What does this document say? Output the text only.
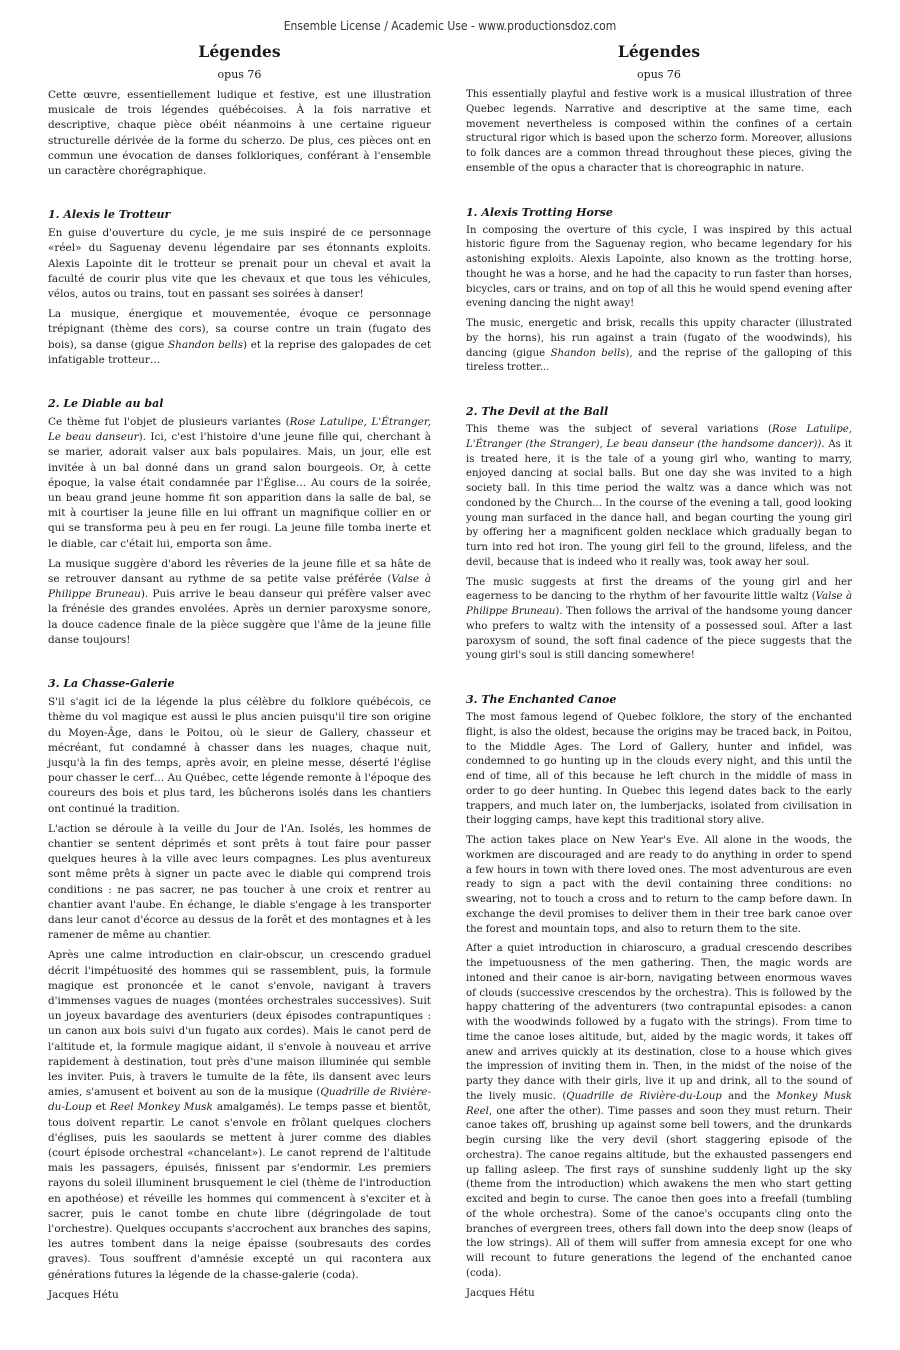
Ensemble License / Academic Use - www.productionsdoz.com
Légendes
opus 76

Cette œuvre, essentiellement ludique et festive, est une illustration musicale de trois légendes québécoises. À la fois narrative et descriptive, chaque pièce obéit néanmoins à une certaine rigueur structurelle dérivée de la forme du scherzo. De plus, ces pièces ont en commun une évocation de danses folkloriques, conférant à l'ensemble un caractère chorégraphique.

1. Alexis le Trotteur

En guise d'ouverture du cycle, je me suis inspiré de ce personnage «réel» du Saguenay devenu légendaire par ses étonnants exploits. Alexis Lapointe dit le trotteur se prenait pour un cheval et avait la faculté de courir plus vite que les chevaux et que tous les véhicules, vélos, autos ou trains, tout en passant ses soirées à danser!

La musique, énergique et mouvementée, évoque ce personnage trépignant (thème des cors), sa course contre un train (fugato des bois), sa danse (gigue Shandon bells) et la reprise des galopades de cet infatigable trotteur…

2. Le Diable au bal

Ce thème fut l'objet de plusieurs variantes (Rose Latulipe, L'Étranger, Le beau danseur). Ici, c'est l'histoire d'une jeune fille qui, cherchant à se marier, adorait valser aux bals populaires. Mais, un jour, elle est invitée à un bal donné dans un grand salon bourgeois. Or, à cette époque, la valse était condamnée par l'Église… Au cours de la soirée, un beau grand jeune homme fit son apparition dans la salle de bal, se mit à courtiser la jeune fille en lui offrant un magnifique collier en or qui se transforma peu à peu en fer rougi. La jeune fille tomba inerte et le diable, car c'était lui, emporta son âme.

La musique suggère d'abord les rêveries de la jeune fille et sa hâte de se retrouver dansant au rythme de sa petite valse préférée (Valse à Philippe Bruneau). Puis arrive le beau danseur qui préfère valser avec la frénésie des grandes envolées. Après un dernier paroxysme sonore, la douce cadence finale de la pièce suggère que l'âme de la jeune fille danse toujours!

3. La Chasse-Galerie

S'il s'agit ici de la légende la plus célèbre du folklore québécois, ce thème du vol magique est aussi le plus ancien puisqu'il tire son origine du Moyen-Âge, dans le Poitou, où le sieur de Gallery, chasseur et mécréant, fut condamné à chasser dans les nuages, chaque nuit, jusqu'à la fin des temps, après avoir, en pleine messe, déserté l'église pour chasser le cerf… Au Québec, cette légende remonte à l'époque des coureurs des bois et plus tard, les bûcherons isolés dans les chantiers ont continué la tradition.

L'action se déroule à la veille du Jour de l'An. Isolés, les hommes de chantier se sentent déprimés et sont prêts à tout faire pour passer quelques heures à la ville avec leurs compagnes. Les plus aventureux sont même prêts à signer un pacte avec le diable qui comprend trois conditions : ne pas sacrer, ne pas toucher à une croix et rentrer au chantier avant l'aube. En échange, le diable s'engage à les transporter dans leur canot d'écorce au dessus de la forêt et des montagnes et à les ramener de même au chantier.

Après une calme introduction en clair-obscur, un crescendo graduel décrit l'impétuosité des hommes qui se rassemblent, puis, la formule magique est prononcée et le canot s'envole, navigant à travers d'immenses vagues de nuages (montées orchestrales successives). Suit un joyeux bavardage des aventuriers (deux épisodes contrapuntiques : un canon aux bois suivi d'un fugato aux cordes). Mais le canot perd de l'altitude et, la formule magique aidant, il s'envole à nouveau et arrive rapidement à destination, tout près d'une maison illuminée qui semble les inviter. Puis, à travers le tumulte de la fête, ils dansent avec leurs amies, s'amusent et boivent au son de la musique (Quadrille de Rivière-du-Loup et Reel Monkey Musk amalgamés). Le temps passe et bientôt, tous doivent repartir. Le canot s'envole en frôlant quelques clochers d'églises, puis les saoulards se mettent à jurer comme des diables (court épisode orchestral «chancelant»). Le canot reprend de l'altitude mais les passagers, épuisés, finissent par s'endormir. Les premiers rayons du soleil illuminent brusquement le ciel (thème de l'introduction en apothéose) et réveille les hommes qui commencent à s'exciter et à sacrer, puis le canot tombe en chute libre (dégringolade de tout l'orchestre). Quelques occupants s'accrochent aux branches des sapins, les autres tombent dans la neige épaisse (soubresauts des cordes graves). Tous souffrent d'amnésie excepté un qui racontera aux générations futures la légende de la chasse-galerie (coda).

Jacques Hétu

Légendes
opus 76

This essentially playful and festive work is a musical illustration of three Quebec legends. Narrative and descriptive at the same time, each movement nevertheless is composed within the confines of a certain structural rigor which is based upon the scherzo form. Moreover, allusions to folk dances are a common thread throughout these pieces, giving the ensemble of the opus a character that is choreographic in nature.

1. Alexis Trotting Horse

In composing the overture of this cycle, I was inspired by this actual historic figure from the Saguenay region, who became legendary for his astonishing exploits. Alexis Lapointe, also known as the trotting horse, thought he was a horse, and he had the capacity to run faster than horses, bicycles, cars or trains, and on top of all this he would spend evening after evening dancing the night away!

The music, energetic and brisk, recalls this uppity character (illustrated by the horns), his run against a train (fugato of the woodwinds), his dancing (gigue Shandon bells), and the reprise of the galloping of this tireless trotter...

2. The Devil at the Ball

This theme was the subject of several variations (Rose Latulipe, L'Étranger (the Stranger), Le beau danseur (the handsome dancer)). As it is treated here, it is the tale of a young girl who, wanting to marry, enjoyed dancing at social balls. But one day she was invited to a high society ball. In this time period the waltz was a dance which was not condoned by the Church... In the course of the evening a tall, good looking young man surfaced in the dance hall, and began courting the young girl by offering her a magnificent golden necklace which gradually began to turn into red hot iron. The young girl fell to the ground, lifeless, and the devil, because that is indeed who it really was, took away her soul.

The music suggests at first the dreams of the young girl and her eagerness to be dancing to the rhythm of her favourite little waltz (Valse à Philippe Bruneau). Then follows the arrival of the handsome young dancer who prefers to waltz with the intensity of a possessed soul. After a last paroxysm of sound, the soft final cadence of the piece suggests that the young girl's soul is still dancing somewhere!

3. The Enchanted Canoe

The most famous legend of Quebec folklore, the story of the enchanted flight, is also the oldest, because the origins may be traced back, in Poitou, to the Middle Ages. The Lord of Gallery, hunter and infidel, was condemned to go hunting up in the clouds every night, and this until the end of time, all of this because he left church in the middle of mass in order to go deer hunting. In Quebec this legend dates back to the early trappers, and much later on, the lumberjacks, isolated from civilisation in their logging camps, have kept this traditional story alive.

The action takes place on New Year's Eve. All alone in the woods, the workmen are discouraged and are ready to do anything in order to spend a few hours in town with there loved ones. The most adventurous are even ready to sign a pact with the devil containing three conditions: no swearing, not to touch a cross and to return to the camp before dawn. In exchange the devil promises to deliver them in their tree bark canoe over the forest and mountain tops, and also to return them to the site.

After a quiet introduction in chiaroscuro, a gradual crescendo describes the impetuousness of the men gathering. Then, the magic words are intoned and their canoe is air-born, navigating between enormous waves of clouds (successive crescendos by the orchestra). This is followed by the happy chattering of the adventurers (two contrapuntal episodes: a canon with the woodwinds followed by a fugato with the strings). From time to time the canoe loses altitude, but, aided by the magic words, it takes off anew and arrives quickly at its destination, close to a house which gives the impression of inviting them in. Then, in the midst of the noise of the party they dance with their girls, live it up and drink, all to the sound of the lively music. (Quadrille de Rivière-du-Loup and the Monkey Musk Reel, one after the other). Time passes and soon they must return. Their canoe takes off, brushing up against some bell towers, and the drunkards begin cursing like the very devil (short staggering episode of the orchestra). The canoe regains altitude, but the exhausted passengers end up falling asleep. The first rays of sunshine suddenly light up the sky (theme from the introduction) which awakens the men who start getting excited and begin to curse. The canoe then goes into a freefall (tumbling of the whole orchestra). Some of the canoe's occupants cling onto the branches of evergreen trees, others fall down into the deep snow (leaps of the low strings). All of them will suffer from amnesia except for one who will recount to future generations the legend of the enchanted canoe (coda).

Jacques Hétu
